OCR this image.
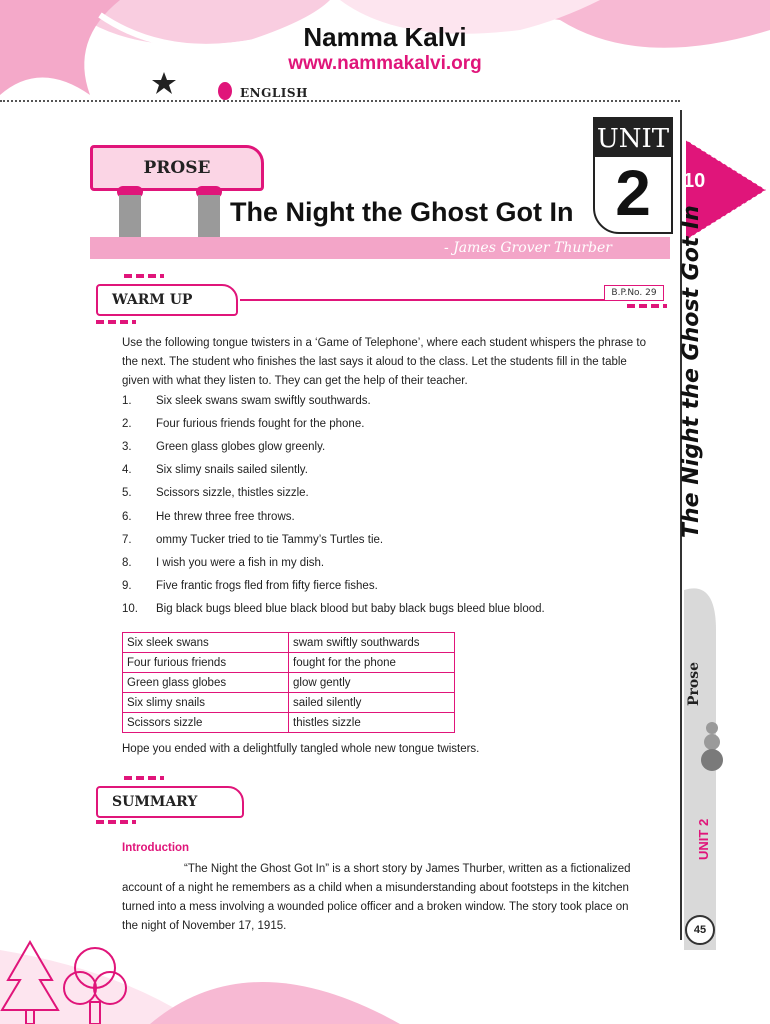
Namma Kalvi
www.nammakalvi.org
ENGLISH
10
The Night the Ghost Got In
Prose
UNIT 2
45
UNIT
2
PROSE
The Night the Ghost Got In
- James Grover Thurber
WARM UP	B.P.No. 29
Use the following tongue twisters in a ‘Game of Telephone’, where each student whispers the phrase to
the next. The student who finishes the last says it aloud to the class. Let the students fill in the table
given with what they listen to. They can get the help of their teacher.
1. Six sleek swans swam swiftly southwards.
2. Four furious friends fought for the phone.
3. Green glass globes glow greenly.
4. Six slimy snails sailed silently.
5. Scissors sizzle, thistles sizzle.
6. He threw three free throws.
7. ommy Tucker tried to tie Tammy’s Turtles tie.
8. I wish you were a fish in my dish.
9. Five frantic frogs fled from fifty fierce fishes.
10. Big black bugs bleed blue black blood but baby black bugs bleed blue blood.
Six sleek swans	swam swiftly southwards
Four furious friends	fought for the phone
Green glass globes	glow gently
Six slimy snails	sailed silently
Scissors sizzle	thistles sizzle
Hope you ended with a delightfully tangled whole new tongue twisters.
SUMMARY
Introduction
“The Night the Ghost Got In” is a short story by James Thurber, written as a fictionalized
account of a night he remembers as a child when a misunderstanding about footsteps in the kitchen
turned into a mess involving a wounded police officer and a broken window. The story took place on
the night of November 17, 1915.
